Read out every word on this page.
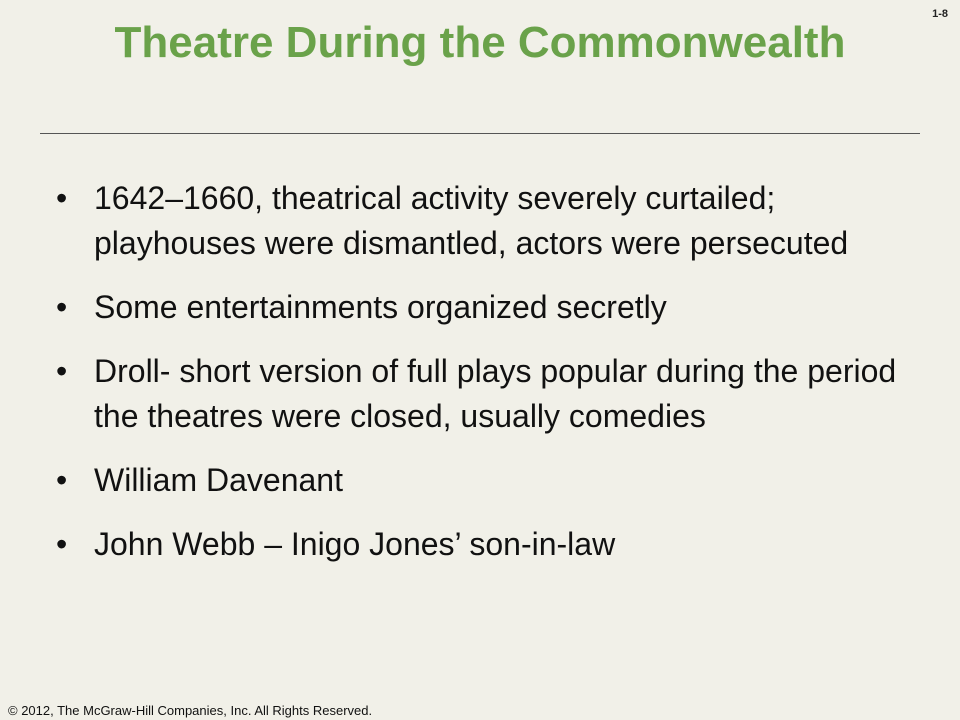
1-8
Theatre During the Commonwealth
• 1642–1660, theatrical activity severely curtailed; playhouses were dismantled, actors were persecuted
• Some entertainments organized secretly
• Droll- short version of full plays popular during the period the theatres were closed, usually comedies
• William Davenant
• John Webb – Inigo Jones’ son-in-law
© 2012, The McGraw-Hill Companies, Inc. All Rights Reserved.
